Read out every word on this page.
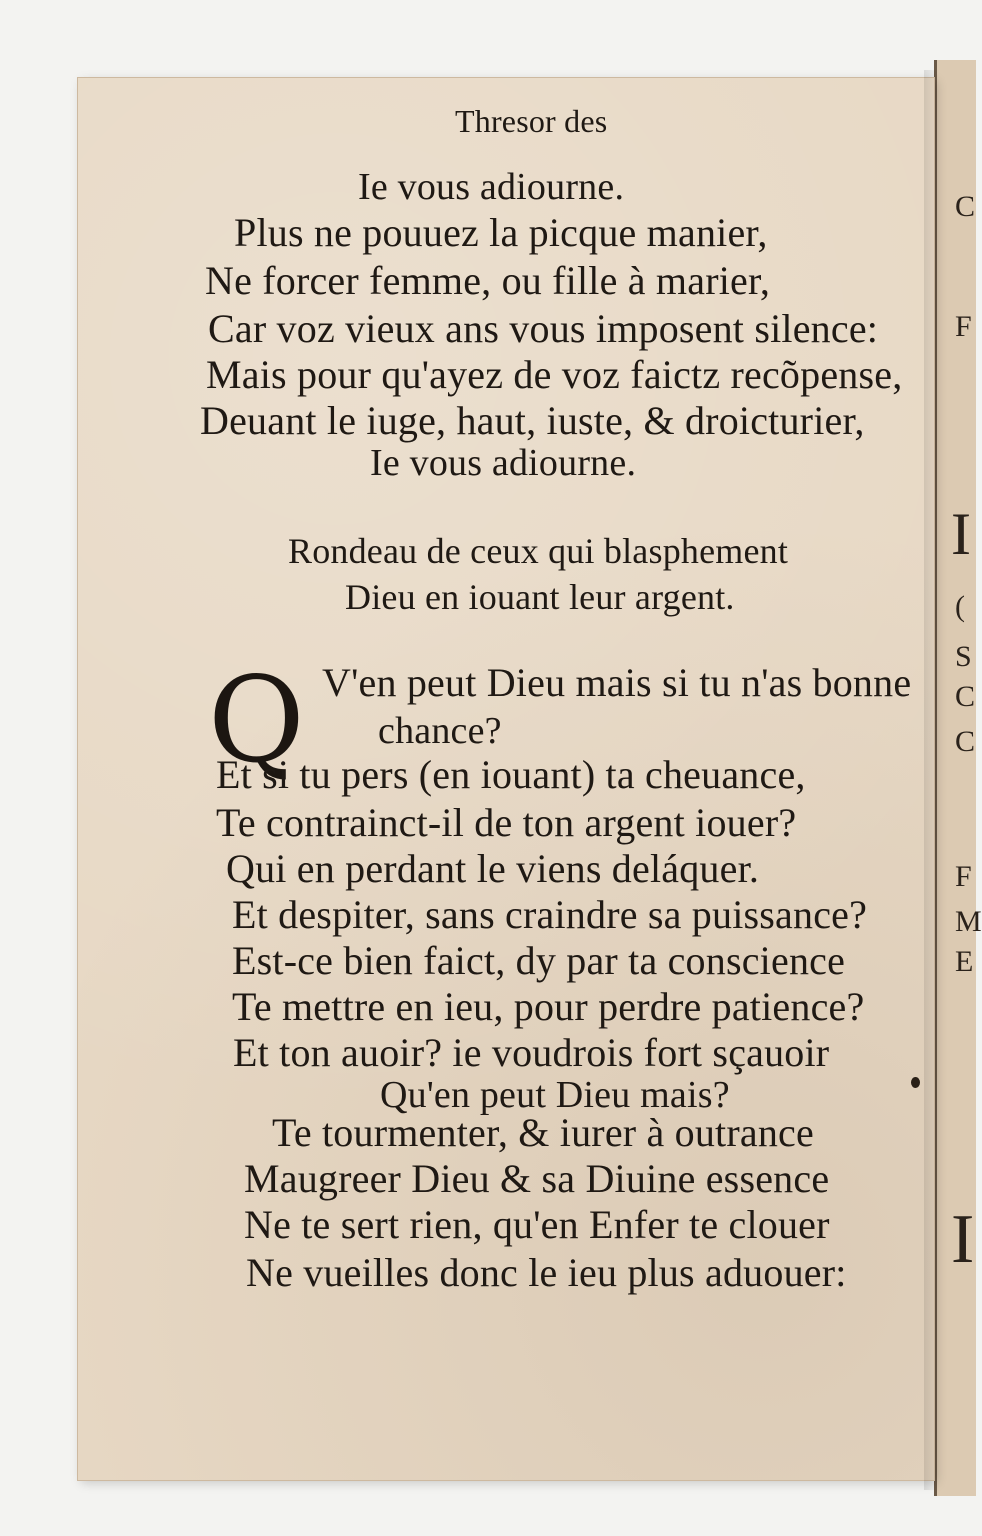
C
F
I
(
S
C
C
F
M
E
I
Thresor des
Ie vous adiourne.
Plus ne pouuez la picque manier,
Ne forcer femme, ou fille à marier,
Car voz vieux ans vous imposent silence:
Mais pour qu'ayez de voz faictz recõpense,
Deuant le iuge, haut, iuste, & droicturier,
Ie vous adiourne.
Rondeau de ceux qui blasphement
Dieu en iouant leur argent.
Q V'en peut Dieu mais si tu n'as bonne
chance?
Et si tu pers (en iouant) ta cheuance,
Te contrainct-il de ton argent iouer?
Qui en perdant le viens deláquer.
Et despiter, sans craindre sa puissance?
Est-ce bien faict, dy par ta conscience
Te mettre en ieu, pour perdre patience?
Et ton auoir? ie voudrois fort sçauoir
Qu'en peut Dieu mais?
Te tourmenter, & iurer à outrance
Maugreer Dieu & sa Diuine essence
Ne te sert rien, qu'en Enfer te clouer
Ne vueilles donc le ieu plus aduouer:
